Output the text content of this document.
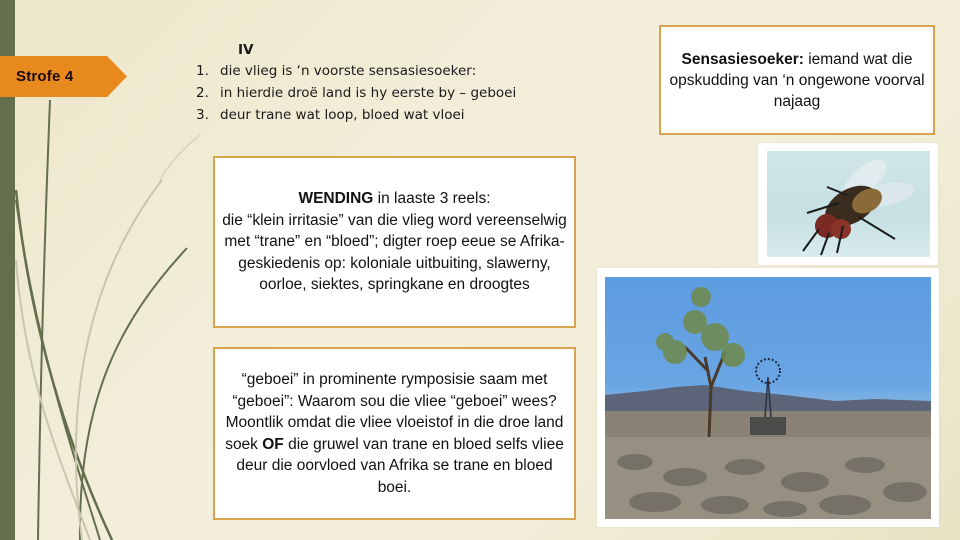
Strofe 4
IV
1. die vlieg is ‘n voorste sensasiesoeker:
2. in hierdie droë land is hy eerste by – geboei
3. deur trane wat loop, bloed wat vloei
WENDING in laaste 3 reels:
die “klein irritasie” van die vlieg word vereenselwig met “trane” en “bloed”; digter roep eeue se Afrika-geskiedenis op: koloniale uitbuiting, slawerny, oorloe, siektes, springkane en droogtes
“geboei” in prominente rymposisie saam met “geboei”: Waarom sou die vliee “geboei” wees? Moontlik omdat die vliee vloeistof in die droe land soek OF die gruwel van trane en bloed selfs vliee deur die oorvloed van Afrika se trane en bloed boei.
Sensasiesoeker: iemand wat die opskudding van ‘n ongewone voorval najaag
